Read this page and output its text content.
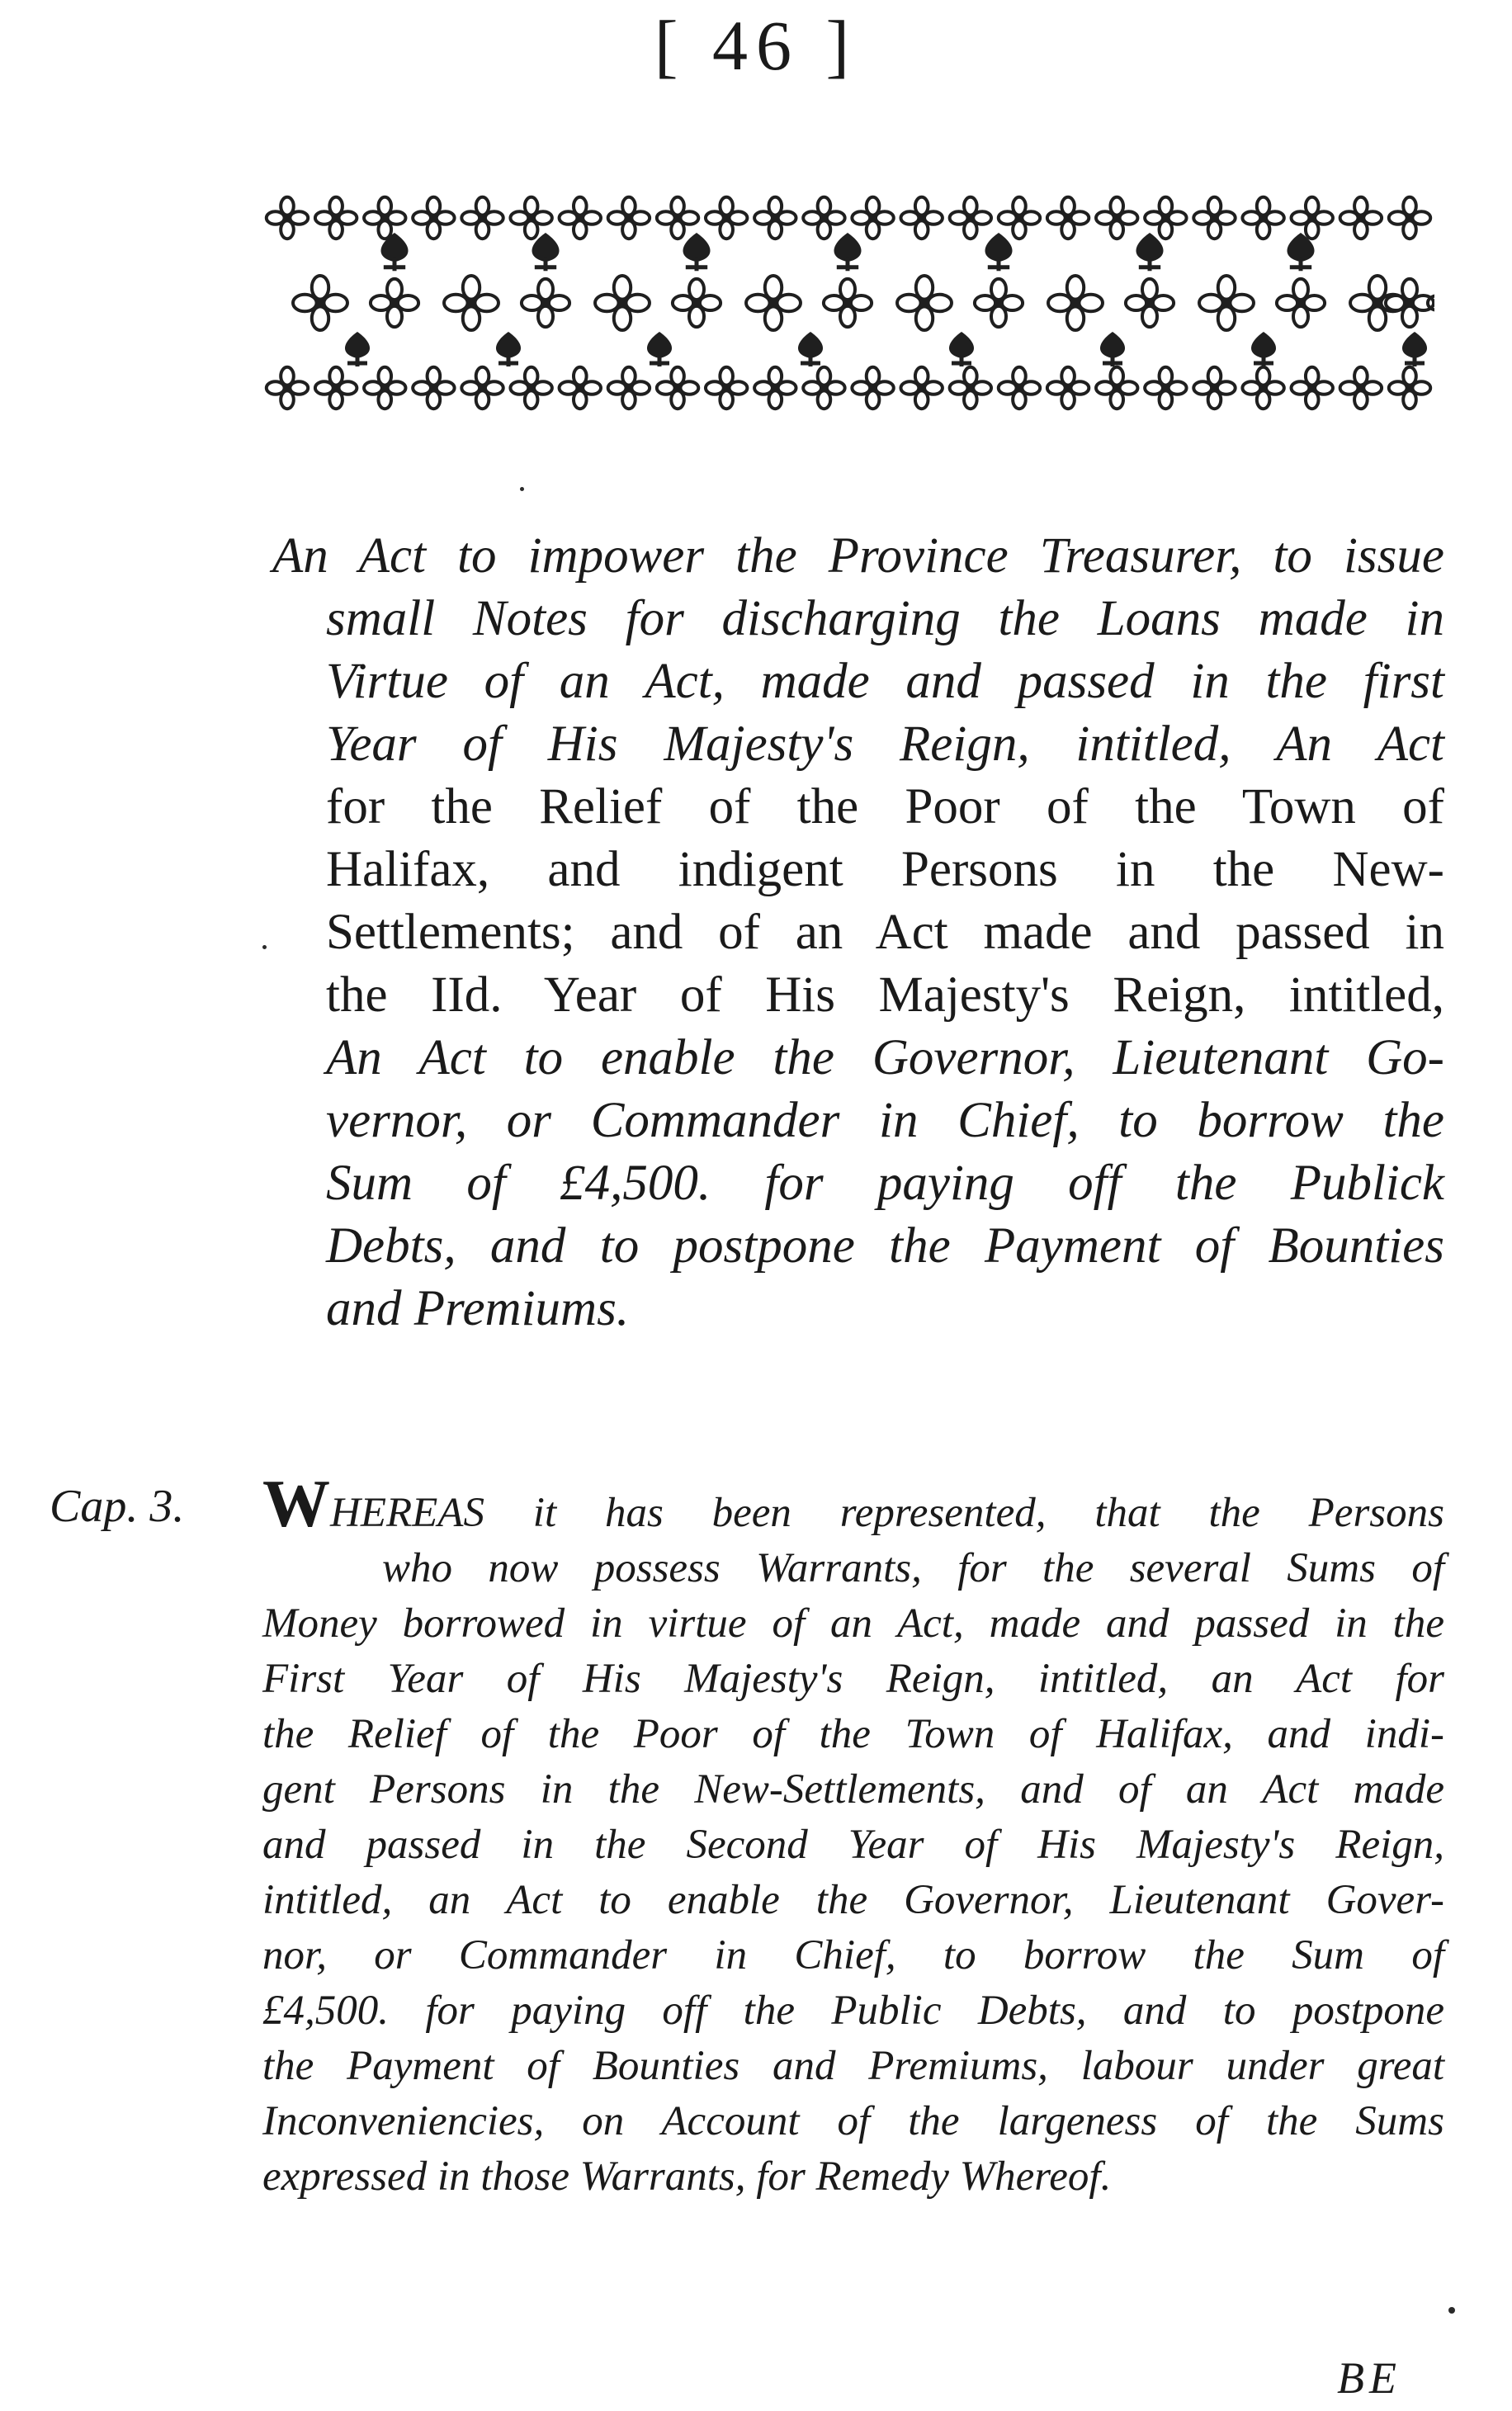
[ 46 ]
An Act to impower the Province Treasurer, to issue
small Notes for discharging the Loans made in
Virtue of an Act, made and passed in the first
Year of His Majesty's Reign, intitled, An Act
for the Relief of the Poor of the Town of
Halifax, and indigent Persons in the New-
Settlements; and of an Act made and passed in
the IId. Year of His Majesty's Reign, intitled,
An Act to enable the Governor, Lieutenant Go-
vernor, or Commander in Chief, to borrow the
Sum of £4,500. for paying off the Publick
Debts, and to postpone the Payment of Bounties
and Premiums.
Cap. 3. WHEREAS it has been represented, that the Persons
who now possess Warrants, for the several Sums of
Money borrowed in virtue of an Act, made and passed in the
First Year of His Majesty's Reign, intitled, an Act for
the Relief of the Poor of the Town of Halifax, and indi-
gent Persons in the New-Settlements, and of an Act made
and passed in the Second Year of His Majesty's Reign,
intitled, an Act to enable the Governor, Lieutenant Gover-
nor, or Commander in Chief, to borrow the Sum of
£4,500. for paying off the Public Debts, and to postpone
the Payment of Bounties and Premiums, labour under great
Inconveniencies, on Account of the largeness of the Sums
expressed in those Warrants, for Remedy Whereof.
BE
